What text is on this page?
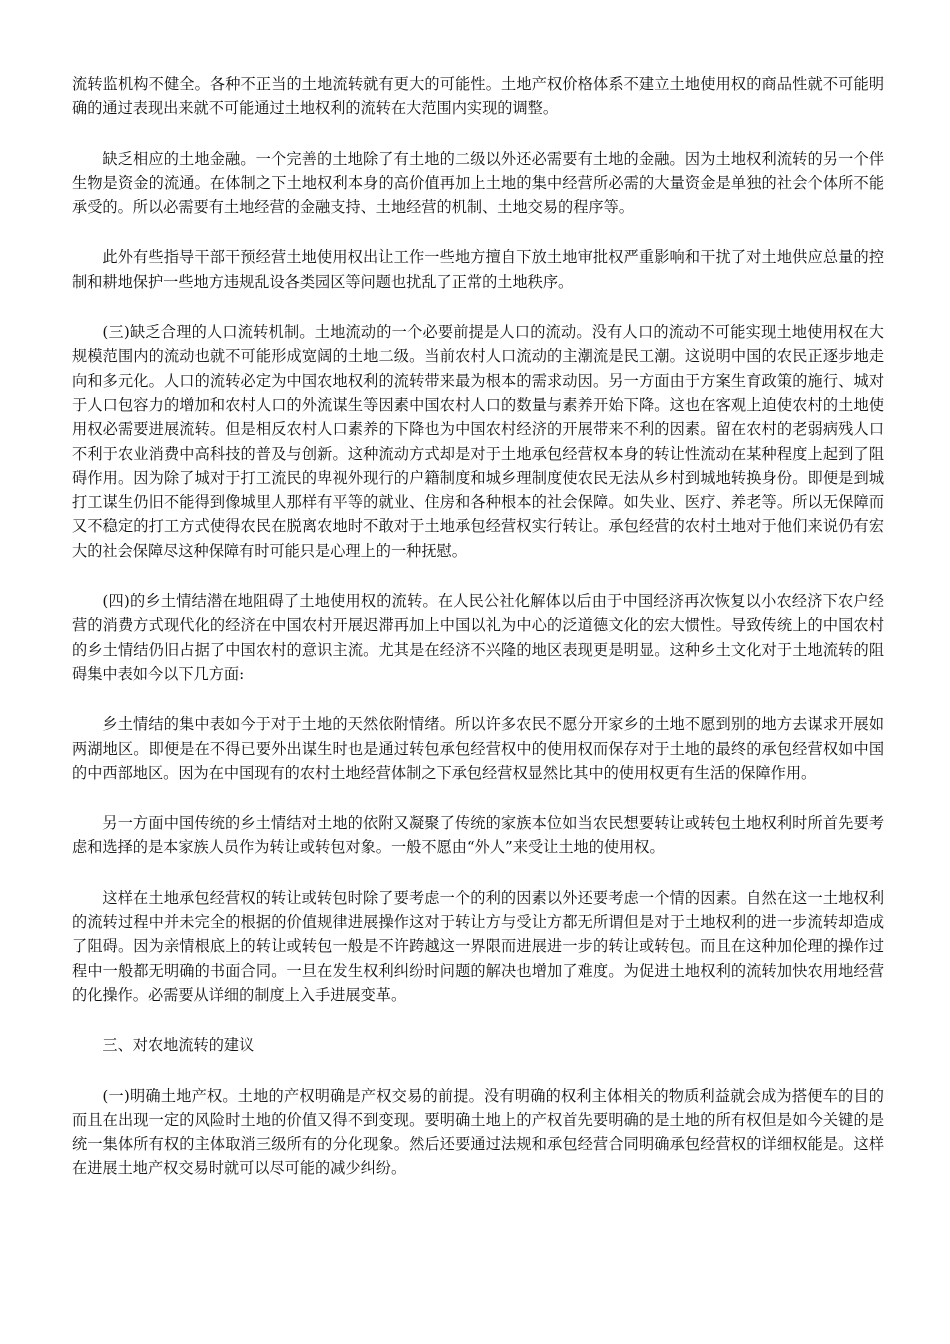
流转监机构不健全。各种不正当的土地流转就有更大的可能性。土地产权价格体系不建立土地使用权的商品性就不可能明确的通过表现出来就不可能通过土地权利的流转在大范围内实现的调整。

缺乏相应的土地金融。一个完善的土地除了有土地的二级以外还必需要有土地的金融。因为土地权利流转的另一个伴生物是资金的流通。在体制之下土地权利本身的高价值再加上土地的集中经营所必需的大量资金是单独的社会个体所不能承受的。所以必需要有土地经营的金融支持、土地经营的机制、土地交易的程序等。

此外有些指导干部干预经营土地使用权出让工作一些地方擅自下放土地审批权严重影响和干扰了对土地供应总量的控制和耕地保护一些地方违规乱设各类园区等问题也扰乱了正常的土地秩序。

(三)缺乏合理的人口流转机制。土地流动的一个必要前提是人口的流动。没有人口的流动不可能实现土地使用权在大规模范围内的流动也就不可能形成宽阔的土地二级。当前农村人口流动的主潮流是民工潮。这说明中国的农民正逐步地走向和多元化。人口的流转必定为中国农地权利的流转带来最为根本的需求动因。另一方面由于方案生育政策的施行、城对于人口包容力的增加和农村人口的外流谋生等因素中国农村人口的数量与素养开始下降。这也在客观上迫使农村的土地使用权必需要进展流转。但是相反农村人口素养的下降也为中国农村经济的开展带来不利的因素。留在农村的老弱病残人口不利于农业消费中高科技的普及与创新。这种流动方式却是对于土地承包经营权本身的转让性流动在某种程度上起到了阻碍作用。因为除了城对于打工流民的卑视外现行的户籍制度和城乡理制度使农民无法从乡村到城地转换身份。即便是到城打工谋生仍旧不能得到像城里人那样有平等的就业、住房和各种根本的社会保障。如失业、医疗、养老等。所以无保障而又不稳定的打工方式使得农民在脱离农地时不敢对于土地承包经营权实行转让。承包经营的农村土地对于他们来说仍有宏大的社会保障尽这种保障有时可能只是心理上的一种抚慰。

(四)的乡土情结潜在地阻碍了土地使用权的流转。在人民公社化解体以后由于中国经济再次恢复以小农经济下农户经营的消费方式现代化的经济在中国农村开展迟滞再加上中国以礼为中心的泛道德文化的宏大惯性。导致传统上的中国农村的乡土情结仍旧占据了中国农村的意识主流。尤其是在经济不兴隆的地区表现更是明显。这种乡土文化对于土地流转的阻碍集中表如今以下几方面:

乡土情结的集中表如今于对于土地的天然依附情绪。所以许多农民不愿分开家乡的土地不愿到别的地方去谋求开展如两湖地区。即便是在不得已要外出谋生时也是通过转包承包经营权中的使用权而保存对于土地的最终的承包经营权如中国的中西部地区。因为在中国现有的农村土地经营体制之下承包经营权显然比其中的使用权更有生活的保障作用。

另一方面中国传统的乡土情结对土地的依附又凝聚了传统的家族本位如当农民想要转让或转包土地权利时所首先要考虑和选择的是本家族人员作为转让或转包对象。一般不愿由“外人”来受让土地的使用权。

这样在土地承包经营权的转让或转包时除了要考虑一个的利的因素以外还要考虑一个情的因素。自然在这一土地权利的流转过程中并未完全的根据的价值规律进展操作这对于转让方与受让方都无所谓但是对于土地权利的进一步流转却造成了阻碍。因为亲情根底上的转让或转包一般是不许跨越这一界限而进展进一步的转让或转包。而且在这种加伦理的操作过程中一般都无明确的书面合同。一旦在发生权利纠纷时问题的解决也增加了难度。为促进土地权利的流转加快农用地经营的化操作。必需要从详细的制度上入手进展变革。

三、对农地流转的建议

(一)明确土地产权。土地的产权明确是产权交易的前提。没有明确的权利主体相关的物质利益就会成为搭便车的目的而且在出现一定的风险时土地的价值又得不到变现。要明确土地上的产权首先要明确的是土地的所有权但是如今关键的是统一集体所有权的主体取消三级所有的分化现象。然后还要通过法规和承包经营合同明确承包经营权的详细权能是。这样在进展土地产权交易时就可以尽可能的减少纠纷。
